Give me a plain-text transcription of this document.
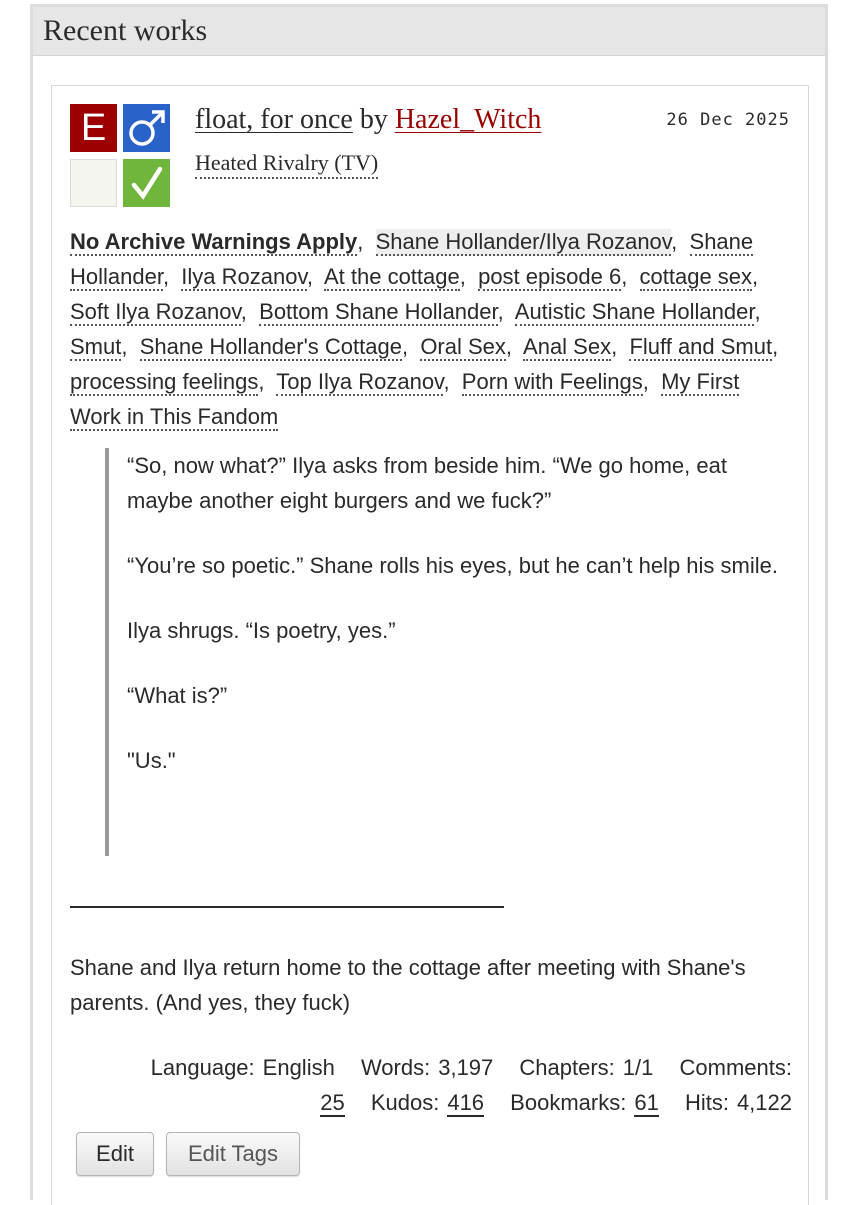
Recent works
E	float, for once by Hazel_Witch
Heated Rivalry (TV)
26 Dec 2025
No Archive Warnings Apply,  Shane Hollander/Ilya Rozanov,  Shane Hollander,  Ilya Rozanov,  At the cottage,  post episode 6,  cottage sex,  Soft Ilya Rozanov,  Bottom Shane Hollander,  Autistic Shane Hollander,  Smut,  Shane Hollander's Cottage,  Oral Sex,  Anal Sex,  Fluff and Smut,  processing feelings,  Top Ilya Rozanov,  Porn with Feelings,  My First Work in This Fandom

“So, now what?” Ilya asks from beside him. “We go home, eat maybe another eight burgers and we fuck?”

“You’re so poetic.” Shane rolls his eyes, but he can’t help his smile.

Ilya shrugs. “Is poetry, yes.”

“What is?”

"Us."

Shane and Ilya return home to the cottage after meeting with Shane's parents. (And yes, they fuck)
Language: English Words: 3,197 Chapters: 1/1 Comments:
25 Kudos: 416 Bookmarks: 61 Hits: 4,122
Edit	Edit Tags
